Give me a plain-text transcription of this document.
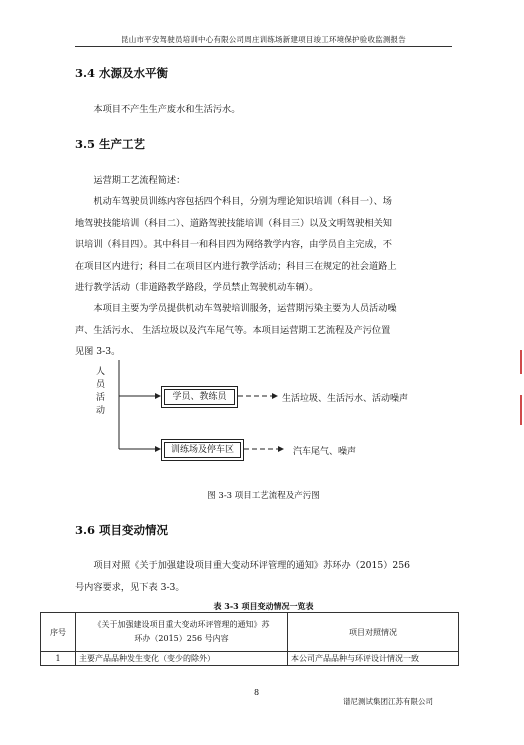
昆山市平安驾驶员培训中心有限公司周庄训练场新建项目竣工环境保护验收监测报告
3.4 水源及水平衡
本项目不产生生产废水和生活污水。
3.5 生产工艺
运营期工艺流程简述：
机动车驾驶员训练内容包括四个科目，分别为理论知识培训（科目一）、场
地驾驶技能培训（科目二）、道路驾驶技能培训（科目三）以及文明驾驶相关知
识培训（科目四）。其中科目一和科目四为网络教学内容，由学员自主完成，不
在项目区内进行；科目二在项目区内进行教学活动；科目三在规定的社会道路上
进行教学活动（非道路教学路段，学员禁止驾驶机动车辆）。
本项目主要为学员提供机动车驾驶培训服务，运营期污染主要为人员活动噪
声、生活污水、 生活垃圾以及汽车尾气等。本项目运营期工艺流程及产污位置
见图 3-3。
人
员
活
动
学员、教练员	生活垃圾、生活污水、活动噪声
训练场及停车区	汽车尾气、噪声
图 3-3 项目工艺流程及产污图
3.6 项目变动情况
项目对照《关于加强建设项目重大变动环评管理的通知》苏环办（2015）256
号内容要求，见下表 3-3。
表 3-3 项目变动情况一览表
序号	《关于加强建设项目重大变动环评管理的通知》苏
环办（2015）256 号内容	项目对照情况
1	主要产品品种发生变化（变少的除外）	本公司产品品种与环评设计情况一致
8
谱尼测试集团江苏有限公司
